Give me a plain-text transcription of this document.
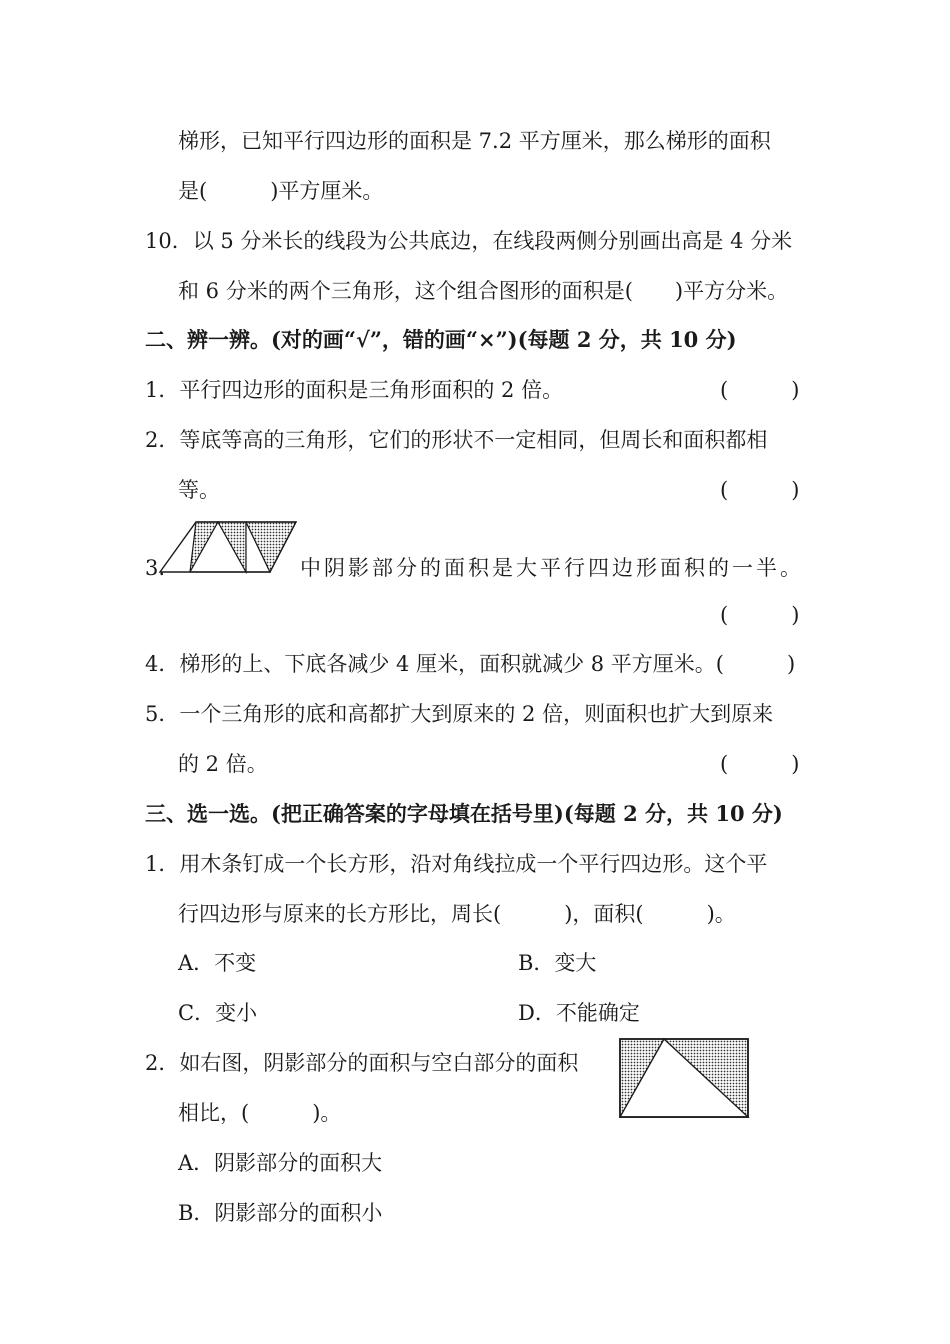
梯形，已知平行四边形的面积是 7.2 平方厘米，那么梯形的面积
是(　　　)平方厘米。
10．以 5 分米长的线段为公共底边，在线段两侧分别画出高是 4 分米
和 6 分米的两个三角形，这个组合图形的面积是(　　)平方分米。
二、辨一辨。(对的画“√”，错的画“×”)(每题 2 分，共 10 分)
1．平行四边形的面积是三角形面积的 2 倍。	(　　　)
2．等底等高的三角形，它们的形状不一定相同，但周长和面积都相
等。	(　　　)
3.	中阴影部分的面积是大平行四边形面积的一半。
(　　　)
4．梯形的上、下底各减少 4 厘米，面积就减少 8 平方厘米。(　　　)
5．一个三角形的底和高都扩大到原来的 2 倍，则面积也扩大到原来
的 2 倍。	(　　　)
三、选一选。(把正确答案的字母填在括号里)(每题 2 分，共 10 分)
1．用木条钉成一个长方形，沿对角线拉成一个平行四边形。这个平
行四边形与原来的长方形比，周长(　　　)，面积(　　　)。
A．不变	B．变大
C．变小	D．不能确定
2．如右图，阴影部分的面积与空白部分的面积
相比，(　　　)。
A．阴影部分的面积大
B．阴影部分的面积小
